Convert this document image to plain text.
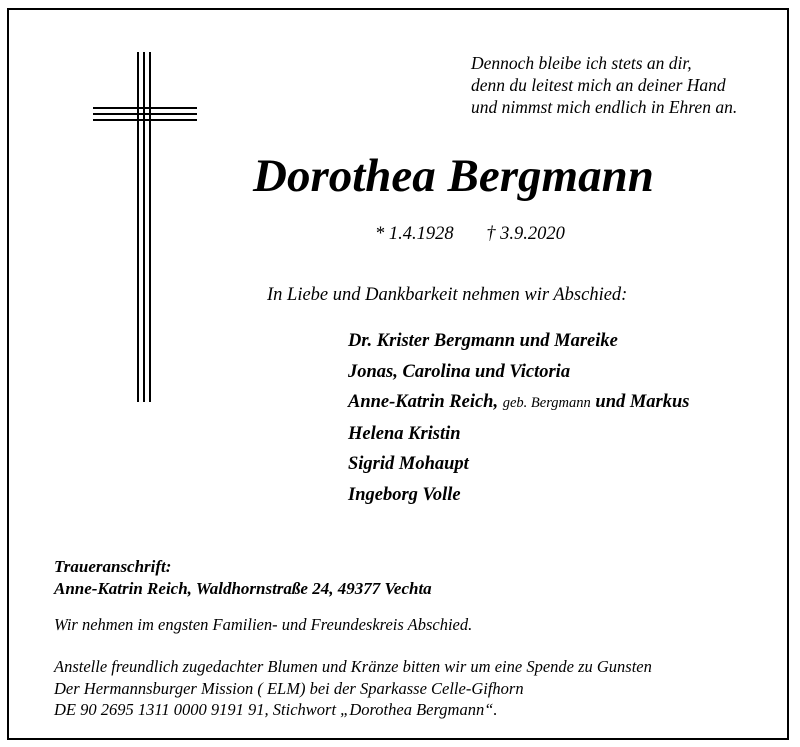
Dennoch bleibe ich stets an dir,
denn du leitest mich an deiner Hand
und nimmst mich endlich in Ehren an.
Dorothea Bergmann
* 1.4.1928 † 3.9.2020
In Liebe und Dankbarkeit nehmen wir Abschied:
Dr. Krister Bergmann und Mareike
Jonas, Carolina und Victoria
Anne-Katrin Reich, geb. Bergmann und Markus
Helena Kristin
Sigrid Mohaupt
Ingeborg Volle
Traueranschrift:
Anne-Katrin Reich, Waldhornstraße 24, 49377 Vechta
Wir nehmen im engsten Familien- und Freundeskreis Abschied.
Anstelle freundlich zugedachter Blumen und Kränze bitten wir um eine Spende zu Gunsten
Der Hermannsburger Mission ( ELM) bei der Sparkasse Celle-Gifhorn
DE 90 2695 1311 0000 9191 91, Stichwort „Dorothea Bergmann“.
